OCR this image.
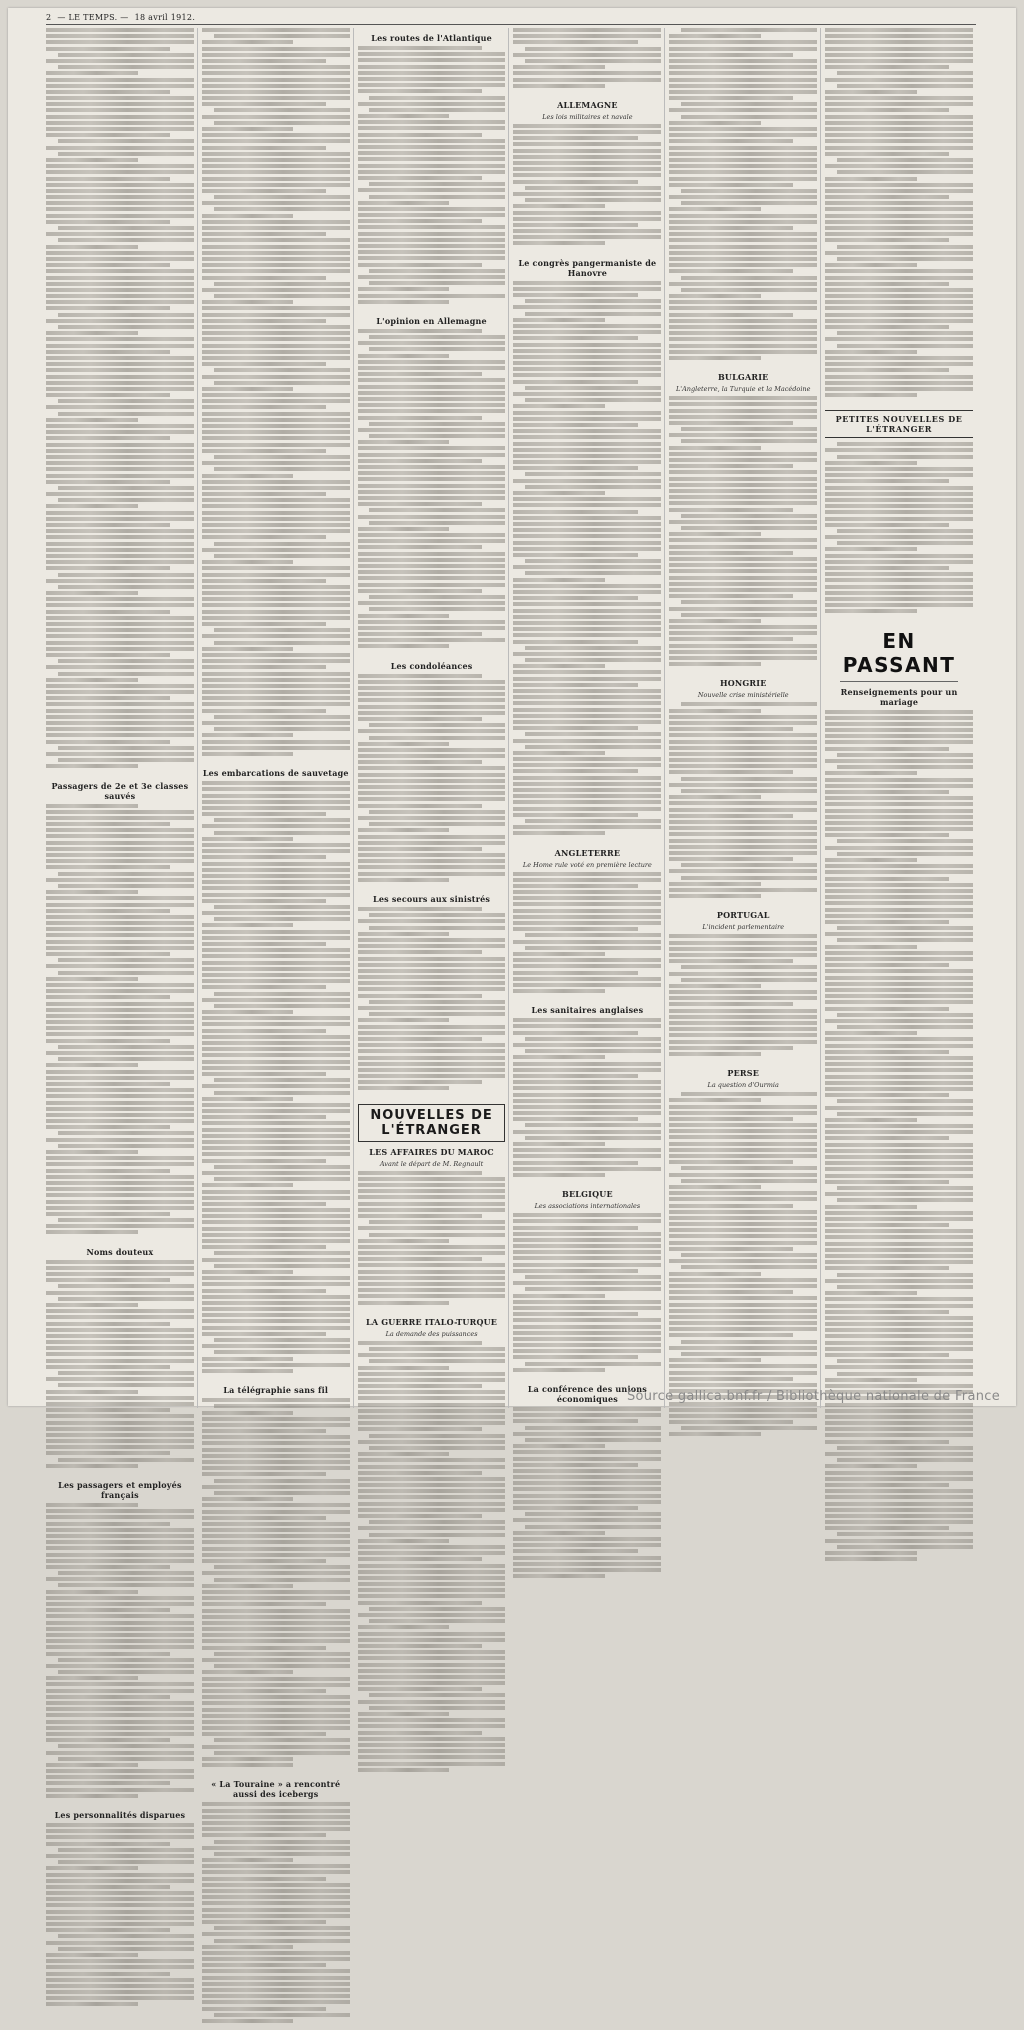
2 — LE TEMPS. — 18 avril 1912.
Passagers de 2e et 3e classes sauvés
Noms douteux
Les passagers et employés français
Les personnalités disparues
Les embarcations de sauvetage
La télégraphie sans fil
« La Touraine » a rencontré aussi des icebergs
Les routes de l'Atlantique
L'opinion en Allemagne
Les condoléances
Les secours aux sinistrés
NOUVELLES DE L'ÉTRANGER
LES AFFAIRES DU MAROC
Avant le départ de M. Regnault
LA GUERRE ITALO-TURQUE
La demande des puissances
ALLEMAGNE
Les lois militaires et navale
Le congrès pangermaniste de Hanovre
ANGLETERRE
Le Home rule voté en première lecture
Les sanitaires anglaises
BELGIQUE
Les associations internationales
La conférence des unions économiques
BULGARIE
L'Angleterre, la Turquie et la Macédoine
HONGRIE
Nouvelle crise ministérielle
PORTUGAL
L'incident parlementaire
PERSE
La question d'Ourmia
PETITES NOUVELLES DE L'ÉTRANGER
EN PASSANT
Renseignements pour un mariage
Source gallica.bnf.fr / Bibliothèque nationale de France
